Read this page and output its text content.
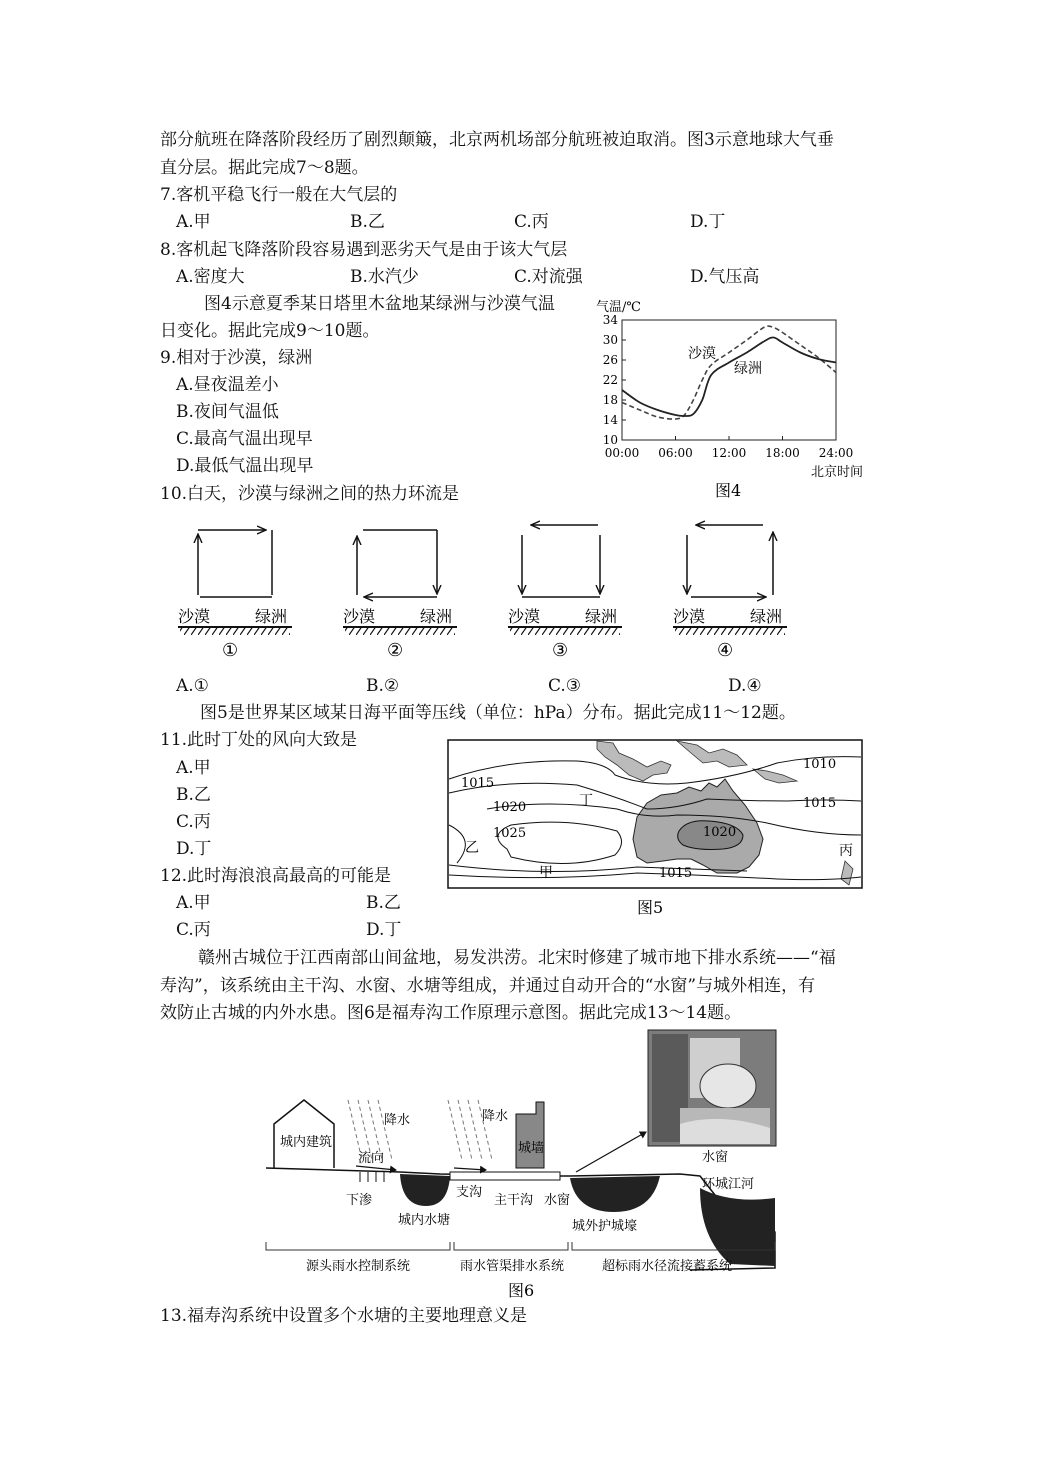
部分航班在降落阶段经历了剧烈颠簸，北京两机场部分航班被迫取消。图3示意地球大气垂
直分层。据此完成7～8题。
7.客机平稳飞行一般在大气层的
A.甲	B.乙	C.丙	D.丁
8.客机起飞降落阶段容易遇到恶劣天气是由于该大气层
A.密度大	B.水汽少	C.对流强	D.气压高
图4示意夏季某日塔里木盆地某绿洲与沙漠气温
日变化。据此完成9～10题。
9.相对于沙漠，绿洲
A.昼夜温差小
B.夜间气温低
C.最高气温出现早
D.最低气温出现早
气温/℃
10
14
18
22
26
30
34
00:00 06:00 12:00 18:00 24:00
沙漠
绿洲
北京时间
图4
10.白天，沙漠与绿洲之间的热力环流是
沙漠	绿洲
①
沙漠	绿洲
②
沙漠	绿洲
③
沙漠	绿洲
④
A.①	B.②	C.③	D.④
图5是世界某区域某日海平面等压线（单位：hPa）分布。据此完成11～12题。
11.此时丁处的风向大致是
A.甲
B.乙
C.丙
D.丁
12.此时海浪浪高最高的可能是
A.甲	B.乙
C.丙	D.丁
1010
1015
1020	1015
1025	1020
1015
乙
丁
甲
丙
图5
赣州古城位于江西南部山间盆地，易发洪涝。北宋时修建了城市地下排水系统——“福
寿沟”，该系统由主干沟、水窗、水塘等组成，并通过自动开合的“水窗”与城外相连，有
效防止古城的内外水患。图6是福寿沟工作原理示意图。据此完成13～14题。
水窗
城内建筑
降水	降水
城墙
流向
下渗
城内水塘
支沟
主干沟 水窗
城外护城壕
环城江河
源头雨水控制系统	雨水管渠排水系统	超标雨水径流接蓄系统
图6
13.福寿沟系统中设置多个水塘的主要地理意义是
